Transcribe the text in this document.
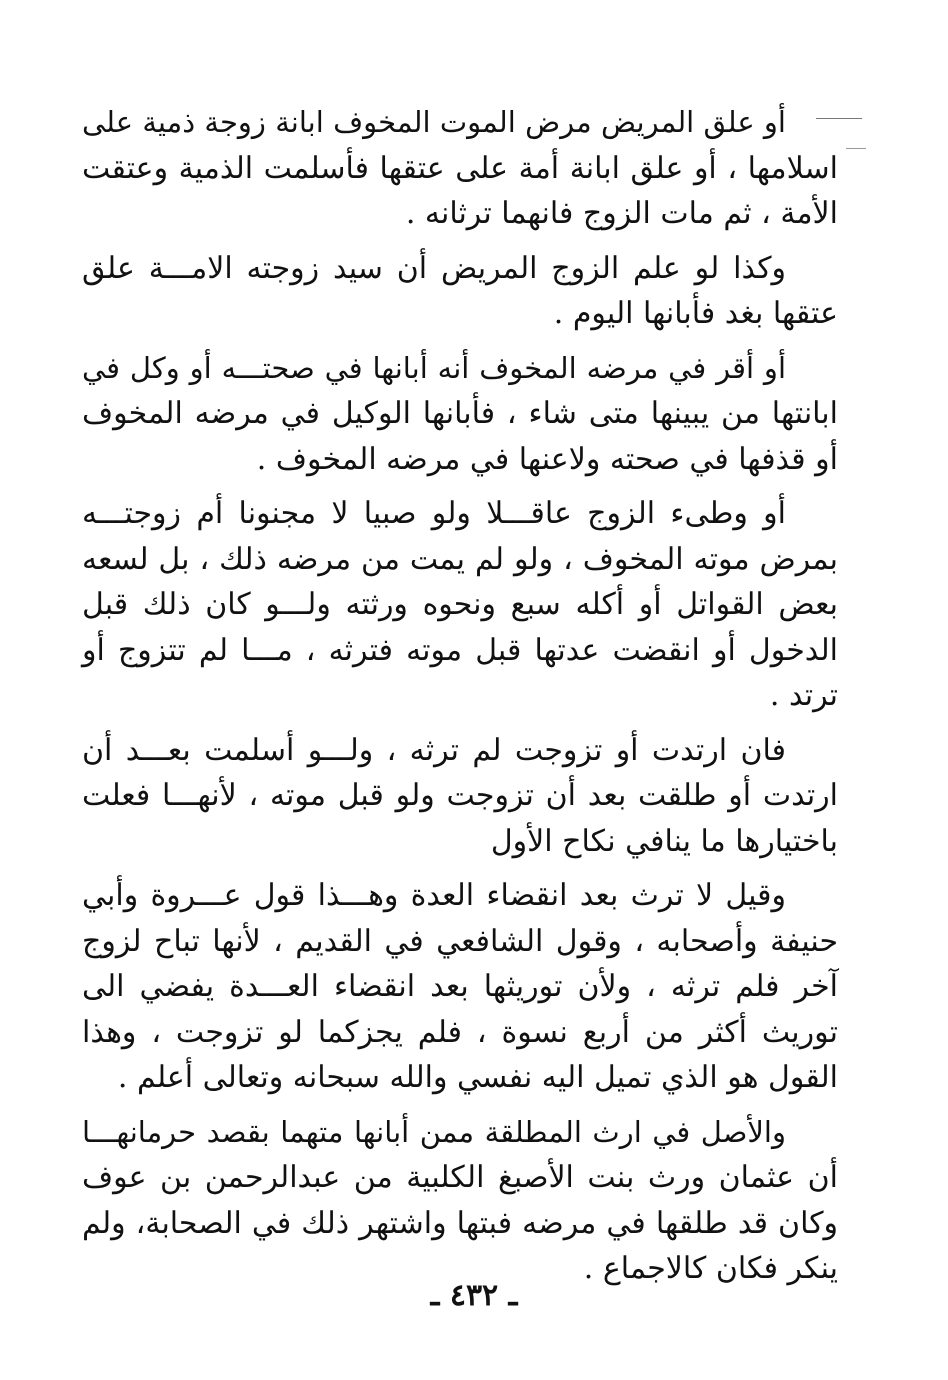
أو علق المريض مرض الموت المخوف ابانة زوجة ذمية على
اسلامها ، أو علق ابانة أمة على عتقها فأسلمت الذمية وعتقت
الأمة ، ثم مات الزوج فانهما ترثانه .

وكذا لو علم الزوج المريض أن سيد زوجته الامـــة علق
عتقها بغد فأبانها اليوم .

أو أقر في مرضه المخوف أنه أبانها في صحتـــه أو وكل في
ابانتها من يبينها متى شاء ، فأبانها الوكيل في مرضه المخوف
أو قذفها في صحته ولاعنها في مرضه المخوف .

أو وطىء الزوج عاقـــلا ولو صبيا لا مجنونا أم زوجتـــه
بمرض موته المخوف ، ولو لم يمت من مرضه ذلك ، بل لسعه
بعض القواتل أو أكله سبع ونحوه ورثته ولـــو كان ذلك قبل
الدخول أو انقضت عدتها قبل موته فترثه ، مـــا لم تتزوج أو
ترتد .

فان ارتدت أو تزوجت لم ترثه ، ولـــو أسلمت بعـــد أن
ارتدت أو طلقت بعد أن تزوجت ولو قبل موته ، لأنهـــا فعلت
باختيارها ما ينافي نكاح الأول

وقيل لا ترث بعد انقضاء العدة وهـــذا قول عـــروة وأبي
حنيفة وأصحابه ، وقول الشافعي في القديم ، لأنها تباح لزوج
آخر فلم ترثه ، ولأن توريثها بعد انقضاء العـــدة يفضي الى
توريث أكثر من أربع نسوة ، فلم يجزكما لو تزوجت ، وهذا
القول هو الذي تميل اليه نفسي والله سبحانه وتعالى أعلم .

والأصل في ارث المطلقة ممن أبانها متهما بقصد حرمانهـــا
أن عثمان ورث بنت الأصبغ الكلبية من عبدالرحمن بن عوف
وكان قد طلقها في مرضه فبتها واشتهر ذلك في الصحابة، ولم
ينكر فكان كالاجماع .

ـ ٤٣٢ ـ
